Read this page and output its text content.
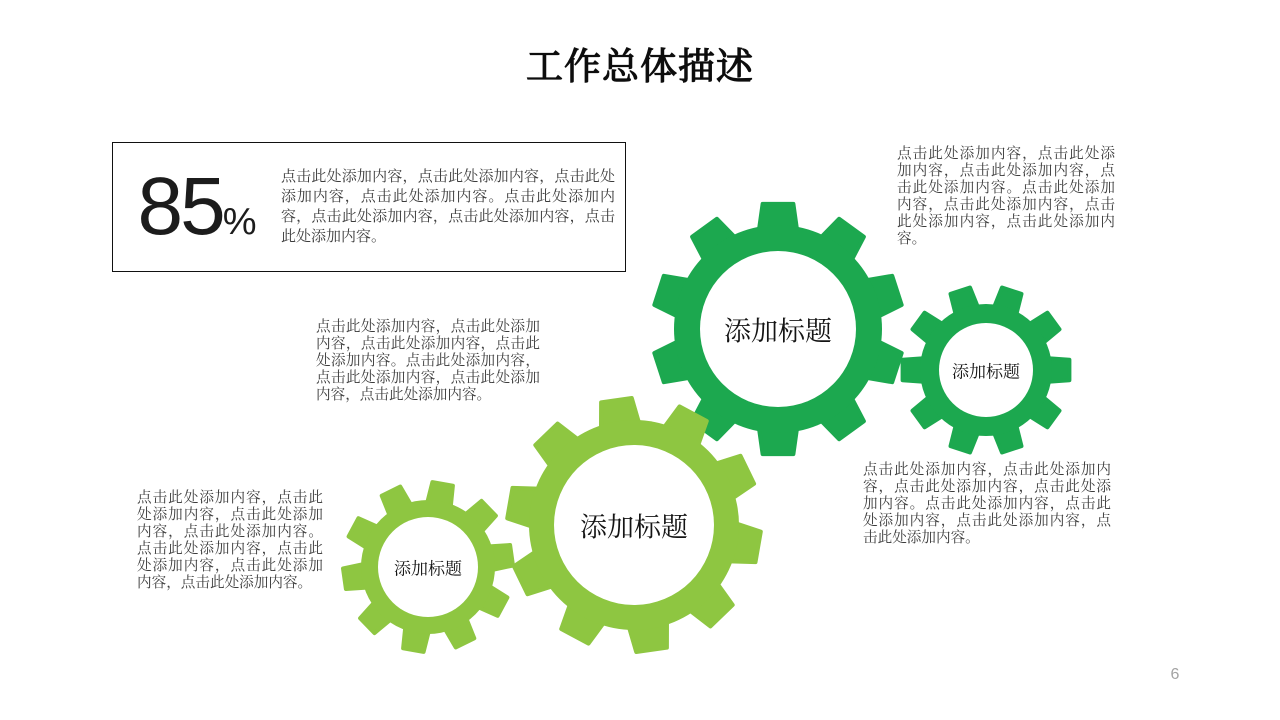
工作总体描述
85%

点击此处添加内容，点击此处添加内容，点击此处添加内容，点击此处添加内容。点击此处添加内容，点击此处添加内容，点击此处添加内容，点击此处添加内容。

点击此处添加内容，点击此处添加内容，点击此处添加内容，点击此处添加内容。点击此处添加内容，点击此处添加内容，点击此处添加内容，点击此处添加内容。

点击此处添加内容，点击此处添加内容，点击此处添加内容，点击此处添加内容。点击此处添加内容，点击此处添加内容，点击此处添加内容，点击此处添加内容。

点击此处添加内容，点击此处添加内容，点击此处添加内容，点击此处添加内容。点击此处添加内容，点击此处添加内容，点击此处添加内容，点击此处添加内容。

点击此处添加内容，点击此处添加内容，点击此处添加内容，点击此处添加内容。点击此处添加内容，点击此处添加内容，点击此处添加内容，点击此处添加内容。

添加标题
添加标题
添加标题
添加标题
6
